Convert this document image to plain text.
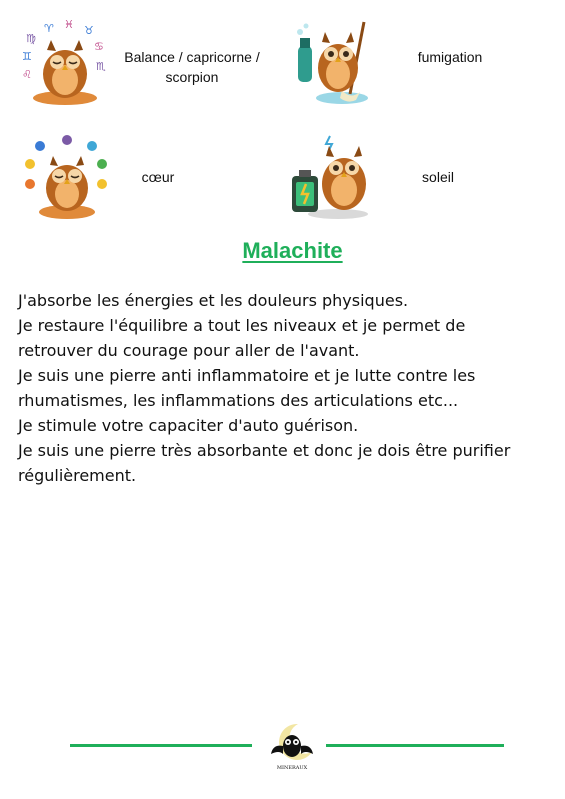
♍
♈ ♓ ♉
♋
♊
♌
♏
Balance / capricorne /
scorpion
fumigation
cœur	soleil
Malachite

J'absorbe les énergies et les douleurs physiques.

Je restaure l'équilibre a tout les niveaux et je permet de retrouver du courage pour aller de l'avant.

Je suis une pierre anti inflammatoire et je lutte contre les rhumatismes, les inflammations des articulations etc...

Je stimule votre capaciter d'auto guérison.

Je suis une pierre très absorbante et donc je dois être purifier régulièrement.

MINERAUX
